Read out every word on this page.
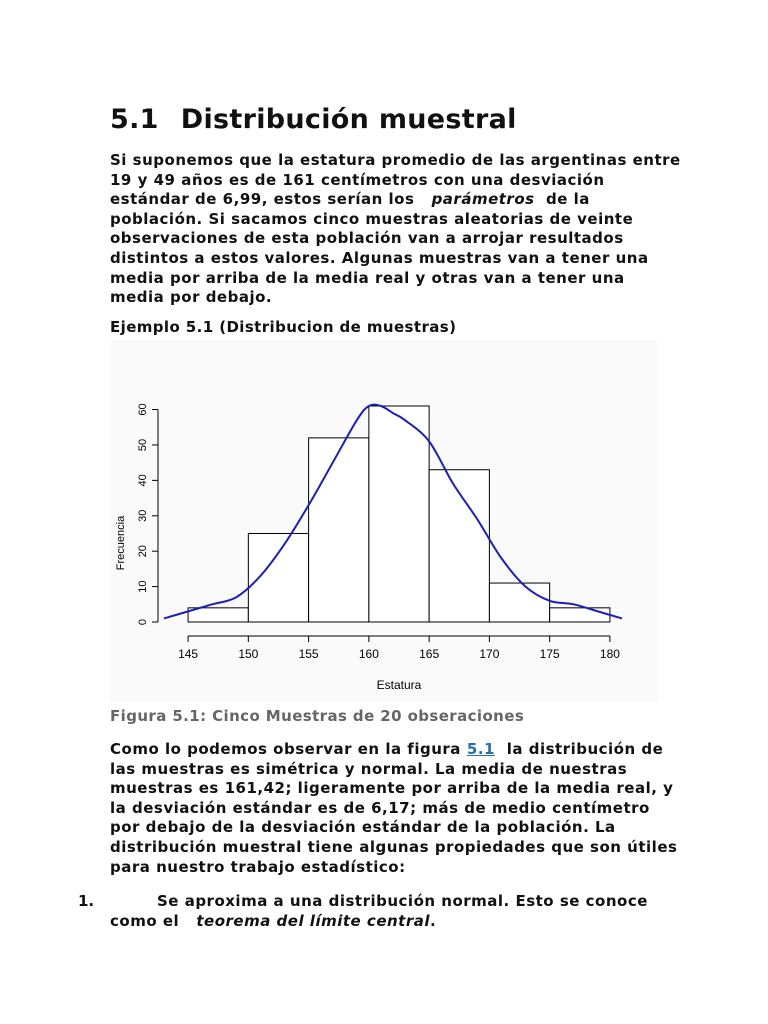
5.1 Distribución muestral
Si suponemos que la estatura promedio de las argentinas entre
19 y 49 años es de 161 centímetros con una desviación
estándar de 6,99, estos serían los parámetros de la
población. Si sacamos cinco muestras aleatorias de veinte
observaciones de esta población van a arrojar resultados
distintos a estos valores. Algunas muestras van a tener una
media por arriba de la media real y otras van a tener una
media por debajo.
Ejemplo 5.1 (Distribucion de muestras)
0
10
20
30
40
50
60
145	150	155	160	165	170	175	180
Frecuencia
Estatura
Figura 5.1: Cinco Muestras de 20 obseraciones
Como lo podemos observar en la figura 5.1 la distribución de
las muestras es simétrica y normal. La media de nuestras
muestras es 161,42; ligeramente por arriba de la media real, y
la desviación estándar es de 6,17; más de medio centímetro
por debajo de la desviación estándar de la población. La
distribución muestral tiene algunas propiedades que son útiles
para nuestro trabajo estadístico:
1.	Se aproxima a una distribución normal. Esto se conoce
como el teorema del límite central.
